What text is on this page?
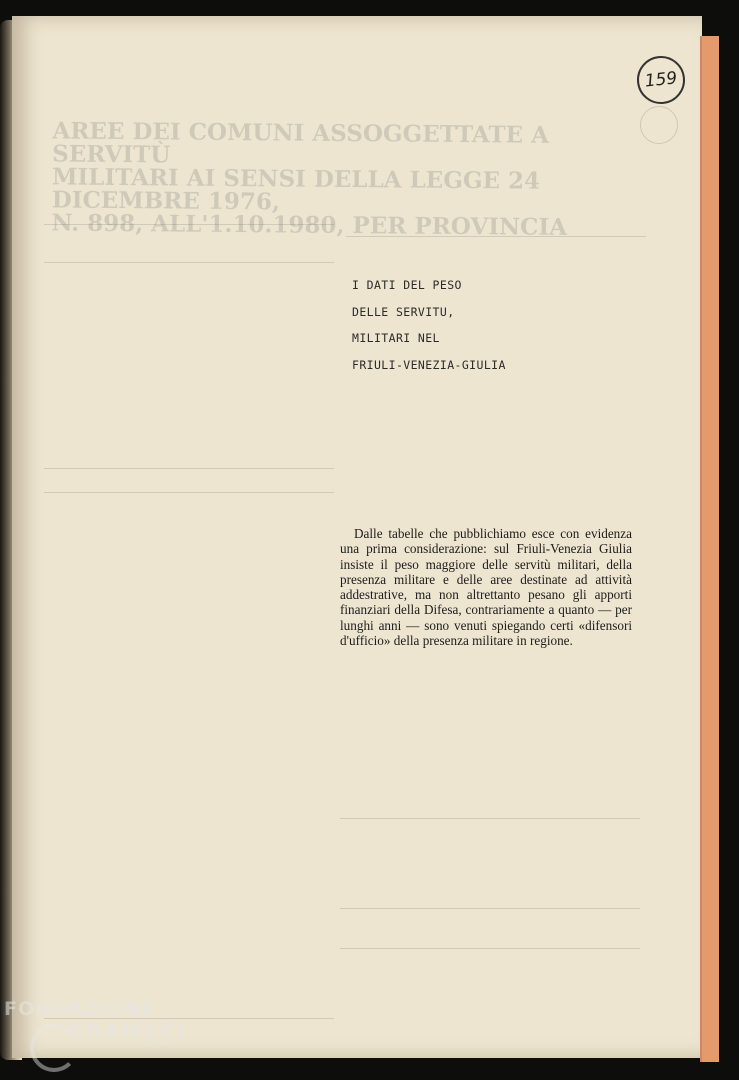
159
AREE DEI COMUNI ASSOGGETTATE A SERVITÙ
MILITARI AI SENSI DELLA LEGGE 24 DICEMBRE 1976,
N. 898, ALL'1.10.1980, PER PROVINCIA
I DATI DEL PESO
DELLE SERVITU,
MILITARI NEL
FRIULI-VENEZIA-GIULIA
Dalle tabelle che pubblichiamo esce con evidenza una prima considerazione: sul Friuli-Venezia Giulia insiste il peso maggiore delle servitù militari, della presenza militare e delle aree destinate ad attività addestrative, ma non altrettanto pesano gli apporti finanziari della Difesa, contrariamente a quanto — per lunghi anni — sono venuti spiegando certi «difensori d'ufficio» della presenza militare in regione.
FONDAZIONE
GRAMSCI
onlus
